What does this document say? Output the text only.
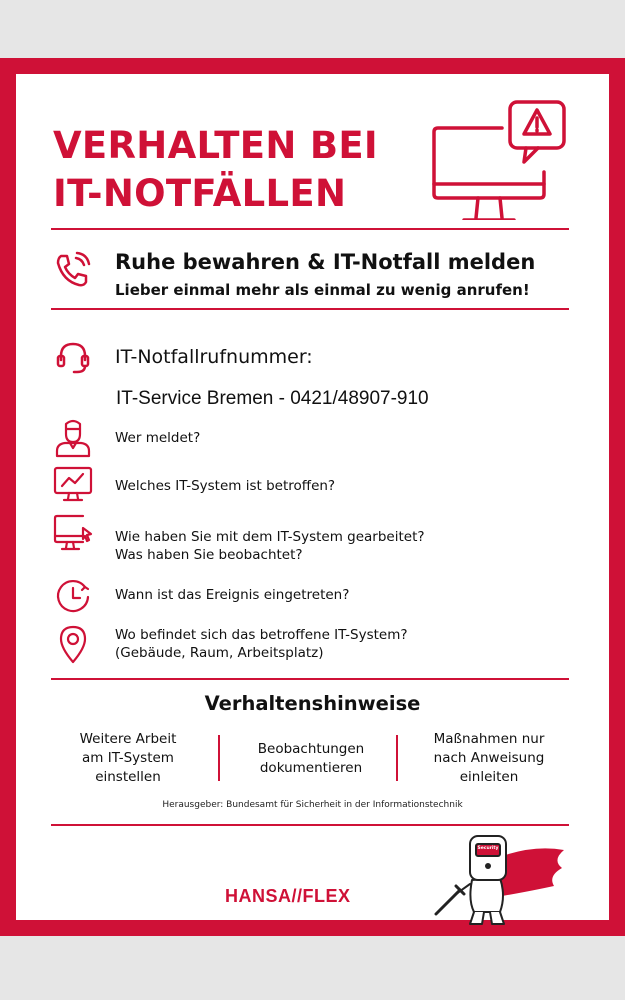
VERHALTEN BEI
IT-NOTFÄLLEN
Ruhe bewahren & IT-Notfall melden
Lieber einmal mehr als einmal zu wenig anrufen!
IT-Notfallrufnummer:
IT-Service Bremen - 0421/48907-910
Wer meldet?
Welches IT-System ist betroffen?
Wie haben Sie mit dem IT-System gearbeitet?
Was haben Sie beobachtet?
Wann ist das Ereignis eingetreten?
Wo befindet sich das betroffene IT-System?
(Gebäude, Raum, Arbeitsplatz)
Verhaltenshinweise
Weitere Arbeit
am IT-System
einstellen
Beobachtungen
dokumentieren
Maßnahmen nur
nach Anweisung
einleiten
Herausgeber: Bundesamt für Sicherheit in der Informationstechnik
HANSA//FLEX
Security
